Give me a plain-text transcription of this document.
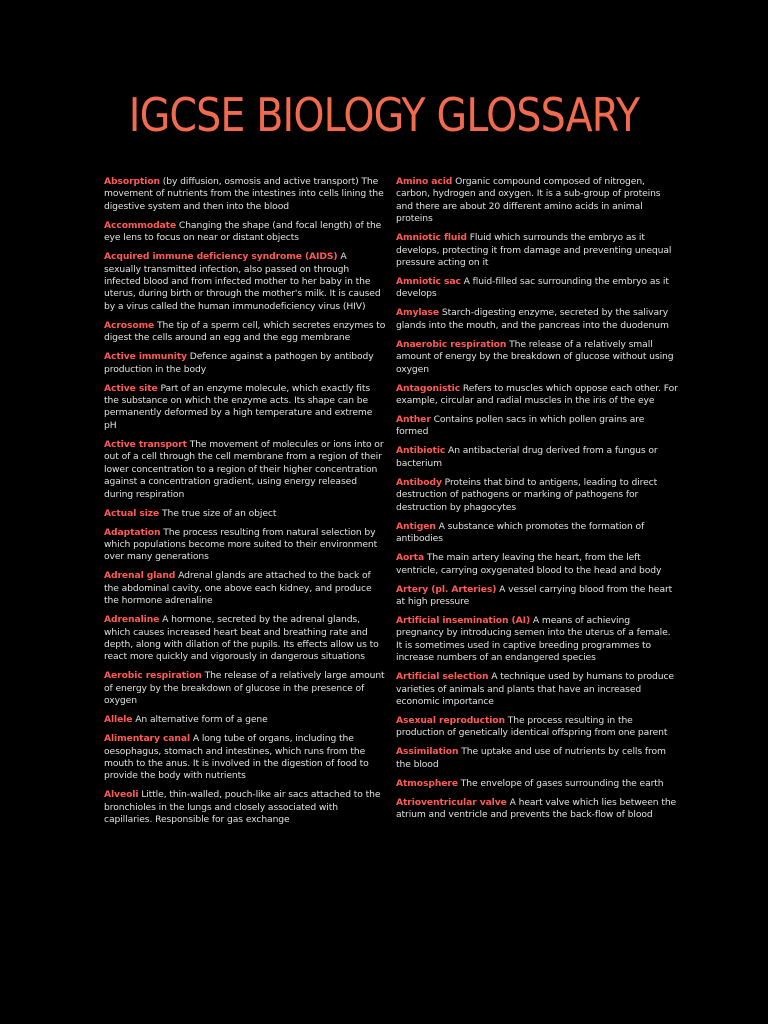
IGCSE BIOLOGY GLOSSARY

Absorption (by diffusion, osmosis and active transport) The movement of nutrients from the intestines into cells lining the digestive system and then into the blood

Accommodate Changing the shape (and focal length) of the eye lens to focus on near or distant objects

Acquired immune deficiency syndrome (AIDS) A sexually transmitted infection, also passed on through infected blood and from infected mother to her baby in the uterus, during birth or through the mother's milk. It is caused by a virus called the human immunodeficiency virus (HIV)

Acrosome The tip of a sperm cell, which secretes enzymes to digest the cells around an egg and the egg membrane

Active immunity Defence against a pathogen by antibody production in the body

Active site Part of an enzyme molecule, which exactly fits the substance on which the enzyme acts. Its shape can be permanently deformed by a high temperature and extreme pH

Active transport The movement of molecules or ions into or out of a cell through the cell membrane from a region of their lower concentration to a region of their higher concentration against a concentration gradient, using energy released during respiration

Actual size The true size of an object

Adaptation The process resulting from natural selection by which populations become more suited to their environment over many generations

Adrenal gland Adrenal glands are attached to the back of the abdominal cavity, one above each kidney, and produce the hormone adrenaline

Adrenaline A hormone, secreted by the adrenal glands, which causes increased heart beat and breathing rate and depth, along with dilation of the pupils. Its effects allow us to react more quickly and vigorously in dangerous situations

Aerobic respiration The release of a relatively large amount of energy by the breakdown of glucose in the presence of oxygen

Allele An alternative form of a gene

Alimentary canal A long tube of organs, including the oesophagus, stomach and intestines, which runs from the mouth to the anus. It is involved in the digestion of food to provide the body with nutrients

Alveoli Little, thin-walled, pouch-like air sacs attached to the bronchioles in the lungs and closely associated with capillaries. Responsible for gas exchange

Amino acid Organic compound composed of nitrogen, carbon, hydrogen and oxygen. It is a sub-group of proteins and there are about 20 different amino acids in animal proteins

Amniotic fluid Fluid which surrounds the embryo as it develops, protecting it from damage and preventing unequal pressure acting on it

Amniotic sac A fluid-filled sac surrounding the embryo as it develops

Amylase Starch-digesting enzyme, secreted by the salivary glands into the mouth, and the pancreas into the duodenum

Anaerobic respiration The release of a relatively small amount of energy by the breakdown of glucose without using oxygen

Antagonistic Refers to muscles which oppose each other. For example, circular and radial muscles in the iris of the eye

Anther Contains pollen sacs in which pollen grains are formed

Antibiotic An antibacterial drug derived from a fungus or bacterium

Antibody Proteins that bind to antigens, leading to direct destruction of pathogens or marking of pathogens for destruction by phagocytes

Antigen A substance which promotes the formation of antibodies

Aorta The main artery leaving the heart, from the left ventricle, carrying oxygenated blood to the head and body

Artery (pl. Arteries) A vessel carrying blood from the heart at high pressure

Artificial insemination (AI) A means of achieving pregnancy by introducing semen into the uterus of a female. It is sometimes used in captive breeding programmes to increase numbers of an endangered species

Artificial selection A technique used by humans to produce varieties of animals and plants that have an increased economic importance

Asexual reproduction The process resulting in the production of genetically identical offspring from one parent

Assimilation The uptake and use of nutrients by cells from the blood

Atmosphere The envelope of gases surrounding the earth

Atrioventricular valve A heart valve which lies between the atrium and ventricle and prevents the back-flow of blood
